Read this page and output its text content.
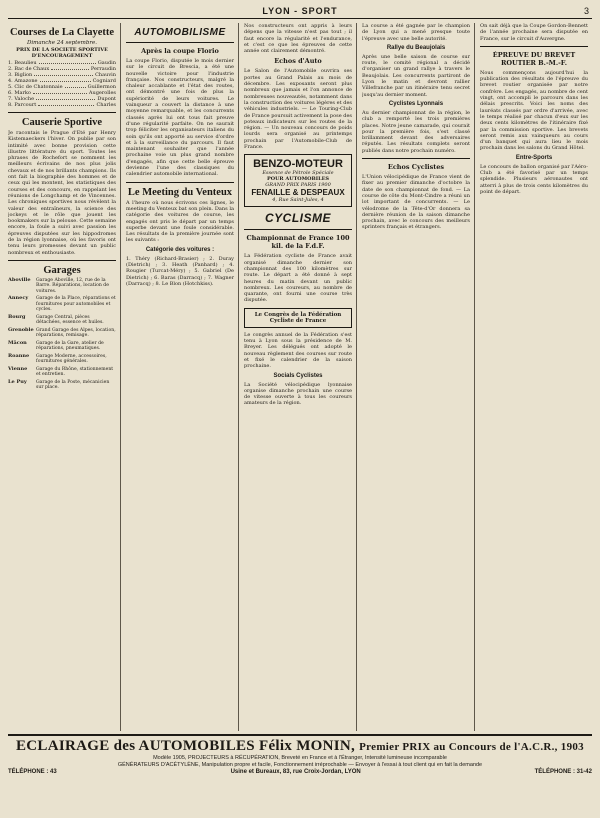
LYON - SPORT	3
Courses de La Clayette
Dimanche 24 septembre.
PRIX DE LA SOCIETE SPORTIVE D'ENCOURAGEMENT
1. Beaulieu	Gaudin
2. Bac de Chaux	Perraudin
3. Biglion	Chauvin
4. Amazone	Cogniard
5. Clic de Chatonnaie	Guillermon
6. Marko	Augerolles
7. Valoche	Dupont
8. Parcourt	Charles
Causerie Sportive
Je racontais le Prague d'Eté par Henry Kistemaeckers l'hiver. On publie par son intimité avec bonne provision cette illustre littérature du sport. Toutes les phrases de Rochefort se nomment les meilleurs écrivains de nos plus jolis chevaux et de nos brillants champions. Ils ont fait la biographie des hommes et de ceux qui les montent, les statistiques des courses et des concours, en rappelant les réunions de Longchamp et de Vincennes. Les chroniques sportives nous révèlent la valeur des entraîneurs, la science des jockeys et le rôle que jouent les bookmakers sur la pelouse. Cette semaine encore, la foule a suivi avec passion les épreuves disputées sur les hippodromes de la région lyonnaise, où les favoris ont tenu leurs promesses devant un public nombreux et enthousiaste.
Garages
Aboville	Garage Aboville, 12, rue de la Barre. Réparations, location de voitures.
Annecy	Garage de la Place, réparations et fournitures pour automobiles et cycles.
Bourg	Garage Central, pièces détachées, essence et huiles.
Grenoble Grand Garage des Alpes, location, réparations, remisage.
Mâcon	Garage de la Gare, atelier de réparations, pneumatiques.
Roanne	Garage Moderne, accessoires, fournitures générales.
Vienne	Garage du Rhône, stationnement et entretien.
Le Puy	Garage de la Poste, mécanicien sur place.
AUTOMOBILISME
Après la coupe Florio
La coupe Florio, disputée le mois dernier sur le circuit de Brescia, a été une nouvelle victoire pour l'industrie française. Nos constructeurs, malgré la chaleur accablante et l'état des routes, ont démontré une fois de plus la supériorité de leurs voitures. Le vainqueur a couvert la distance à une moyenne remarquable, et les concurrents classés après lui ont tous fait preuve d'une régularité parfaite. On ne saurait trop féliciter les organisateurs italiens du soin qu'ils ont apporté au service d'ordre et à la surveillance du parcours. Il faut maintenant souhaiter que l'année prochaine voie un plus grand nombre d'engagés, afin que cette belle épreuve devienne l'une des classiques du calendrier automobile international.
Le Meeting du Venteux
A l'heure où nous écrivons ces lignes, le meeting du Venteux bat son plein. Dans la catégorie des voitures de course, les engagés ont pris le départ par un temps superbe devant une foule considérable. Les résultats de la première journée sont les suivants :
Catégorie des voitures :
1. Théry (Richard-Brasier) ; 2. Duray (Dietrich) ; 3. Heath (Panhard) ; 4. Rougier (Turcat-Méry) ; 5. Gabriel (De Dietrich) ; 6. Baras (Darracq) ; 7. Wagner (Darracq) ; 8. Le Blon (Hotchkiss).
Nos constructeurs ont appris à leurs dépens que la vitesse n'est pas tout ; il faut encore la régularité et l'endurance, et c'est ce que les épreuves de cette année ont clairement démontré.
Echos d'Auto
Le Salon de l'Automobile ouvrira ses portes au Grand Palais au mois de décembre. Les exposants seront plus nombreux que jamais et l'on annonce de nombreuses nouveautés, notamment dans la construction des voitures légères et des véhicules industriels. — Le Touring-Club de France poursuit activement la pose des poteaux indicateurs sur les routes de la région. — Un nouveau concours de poids lourds sera organisé au printemps prochain par l'Automobile-Club de France.
BENZO-MOTEUR
Essence de Pétrole Spéciale
POUR AUTOMOBILES
GRAND PRIX PARIS 1900
FENAILLE & DESPEAUX
4, Rue Saint-Jules, 4
CYCLISME
Championnat de France 100 kil. de la F.d.F.
La Fédération cycliste de France avait organisé dimanche dernier son championnat des 100 kilomètres sur route. Le départ a été donné à sept heures du matin devant un public nombreux. Les coureurs, au nombre de quarante, ont fourni une course très disputée.
Le Congrès de la Fédération Cycliste de France
Le congrès annuel de la Fédération s'est tenu à Lyon sous la présidence de M. Breyer. Les délégués ont adopté le nouveau règlement des courses sur route et fixé le calendrier de la saison prochaine.
Socials Cyclistes
La Société vélocipédique lyonnaise organise dimanche prochain une course de vitesse ouverte à tous les coureurs amateurs de la région.
La course a été gagnée par le champion de Lyon qui a mené presque toute l'épreuve avec une belle autorité.
Rallye du Beaujolais
Après une belle saison de course sur route, le comité régional a décidé d'organiser un grand rallye à travers le Beaujolais. Les concurrents partiront de Lyon le matin et devront rallier Villefranche par un itinéraire tenu secret jusqu'au dernier moment.
Cyclistes Lyonnais
Au dernier championnat de la région, le club a remporté les trois premières places. Notre jeune camarade, qui courait pour la première fois, s'est classé brillamment devant des adversaires réputés. Les résultats complets seront publiés dans notre prochain numéro.
Echos Cyclistes
L'Union vélocipédique de France vient de fixer au premier dimanche d'octobre la date de son championnat de fond. — La course de côte du Mont-Cindre a réuni un lot important de concurrents. — Le vélodrome de la Tête-d'Or donnera sa dernière réunion de la saison dimanche prochain, avec le concours des meilleurs sprinters français et étrangers.
On sait déjà que la Coupe Gordon-Bennett de l'année prochaine sera disputée en France, sur le circuit d'Auvergne.
ÉPREUVE DU BREVET ROUTIER B.-M.-F.
Nous commençons aujourd'hui la publication des résultats de l'épreuve du brevet routier organisée par notre confrère. Les engagés, au nombre de cent vingt, ont accompli le parcours dans les délais prescrits. Voici les noms des lauréats classés par ordre d'arrivée, avec le temps réalisé par chacun d'eux sur les deux cents kilomètres de l'itinéraire fixé par la commission sportive. Les brevets seront remis aux vainqueurs au cours d'un banquet qui aura lieu le mois prochain dans les salons du Grand Hôtel.
Entre-Sports
Le concours de ballon organisé par l'Aéro-Club a été favorisé par un temps splendide. Plusieurs aéronautes ont atterri à plus de trois cents kilomètres du point de départ.
ECLAIRAGE des AUTOMOBILES Félix MONIN, Premier PRIX au Concours de l'A.C.R., 1903
Modèle 1905, PROJECTEURS à RÉCUPÉRATION, Breveté en France et à l'Étranger, Intensité lumineuse incomparable
GÉNÉRATEURS D'ACÉTYLÈNE, Manipulation propre et facile, Fonctionnement irréprochable — Envoyer à l'essai à tout client qui en fait la demande
TÉLÉPHONE : 43	Usine et Bureaux, 83, rue Croix-Jordan, LYON	TÉLÉPHONE : 31-42
